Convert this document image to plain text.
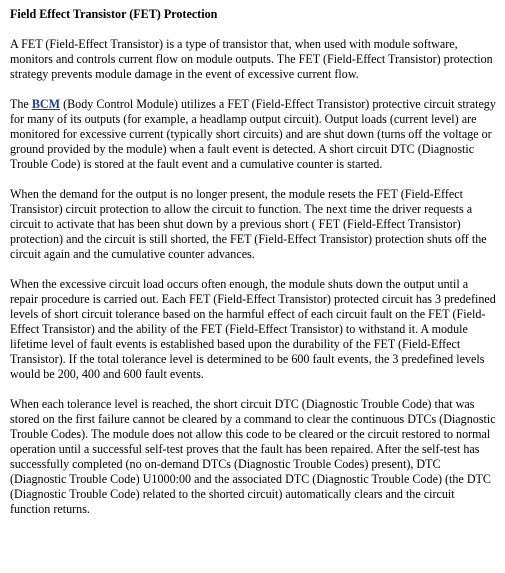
Field Effect Transistor (FET) Protection

A FET (Field-Effect Transistor) is a type of transistor that, when used with module software, monitors and controls current flow on module outputs. The FET (Field-Effect Transistor) protection strategy prevents module damage in the event of excessive current flow.

The BCM (Body Control Module) utilizes a FET (Field-Effect Transistor) protective circuit strategy for many of its outputs (for example, a headlamp output circuit). Output loads (current level) are monitored for excessive current (typically short circuits) and are shut down (turns off the voltage or ground provided by the module) when a fault event is detected. A short circuit DTC (Diagnostic Trouble Code) is stored at the fault event and a cumulative counter is started.

When the demand for the output is no longer present, the module resets the FET (Field-Effect Transistor) circuit protection to allow the circuit to function. The next time the driver requests a circuit to activate that has been shut down by a previous short ( FET (Field-Effect Transistor) protection) and the circuit is still shorted, the FET (Field-Effect Transistor) protection shuts off the circuit again and the cumulative counter advances.

When the excessive circuit load occurs often enough, the module shuts down the output until a repair procedure is carried out. Each FET (Field-Effect Transistor) protected circuit has 3 predefined levels of short circuit tolerance based on the harmful effect of each circuit fault on the FET (Field-Effect Transistor) and the ability of the FET (Field-Effect Transistor) to withstand it. A module lifetime level of fault events is established based upon the durability of the FET (Field-Effect Transistor). If the total tolerance level is determined to be 600 fault events, the 3 predefined levels would be 200, 400 and 600 fault events.

When each tolerance level is reached, the short circuit DTC (Diagnostic Trouble Code) that was stored on the first failure cannot be cleared by a command to clear the continuous DTCs (Diagnostic Trouble Codes). The module does not allow this code to be cleared or the circuit restored to normal operation until a successful self-test proves that the fault has been repaired. After the self-test has successfully completed (no on-demand DTCs (Diagnostic Trouble Codes) present), DTC (Diagnostic Trouble Code) U1000:00 and the associated DTC (Diagnostic Trouble Code) (the DTC (Diagnostic Trouble Code) related to the shorted circuit) automatically clears and the circuit function returns.
